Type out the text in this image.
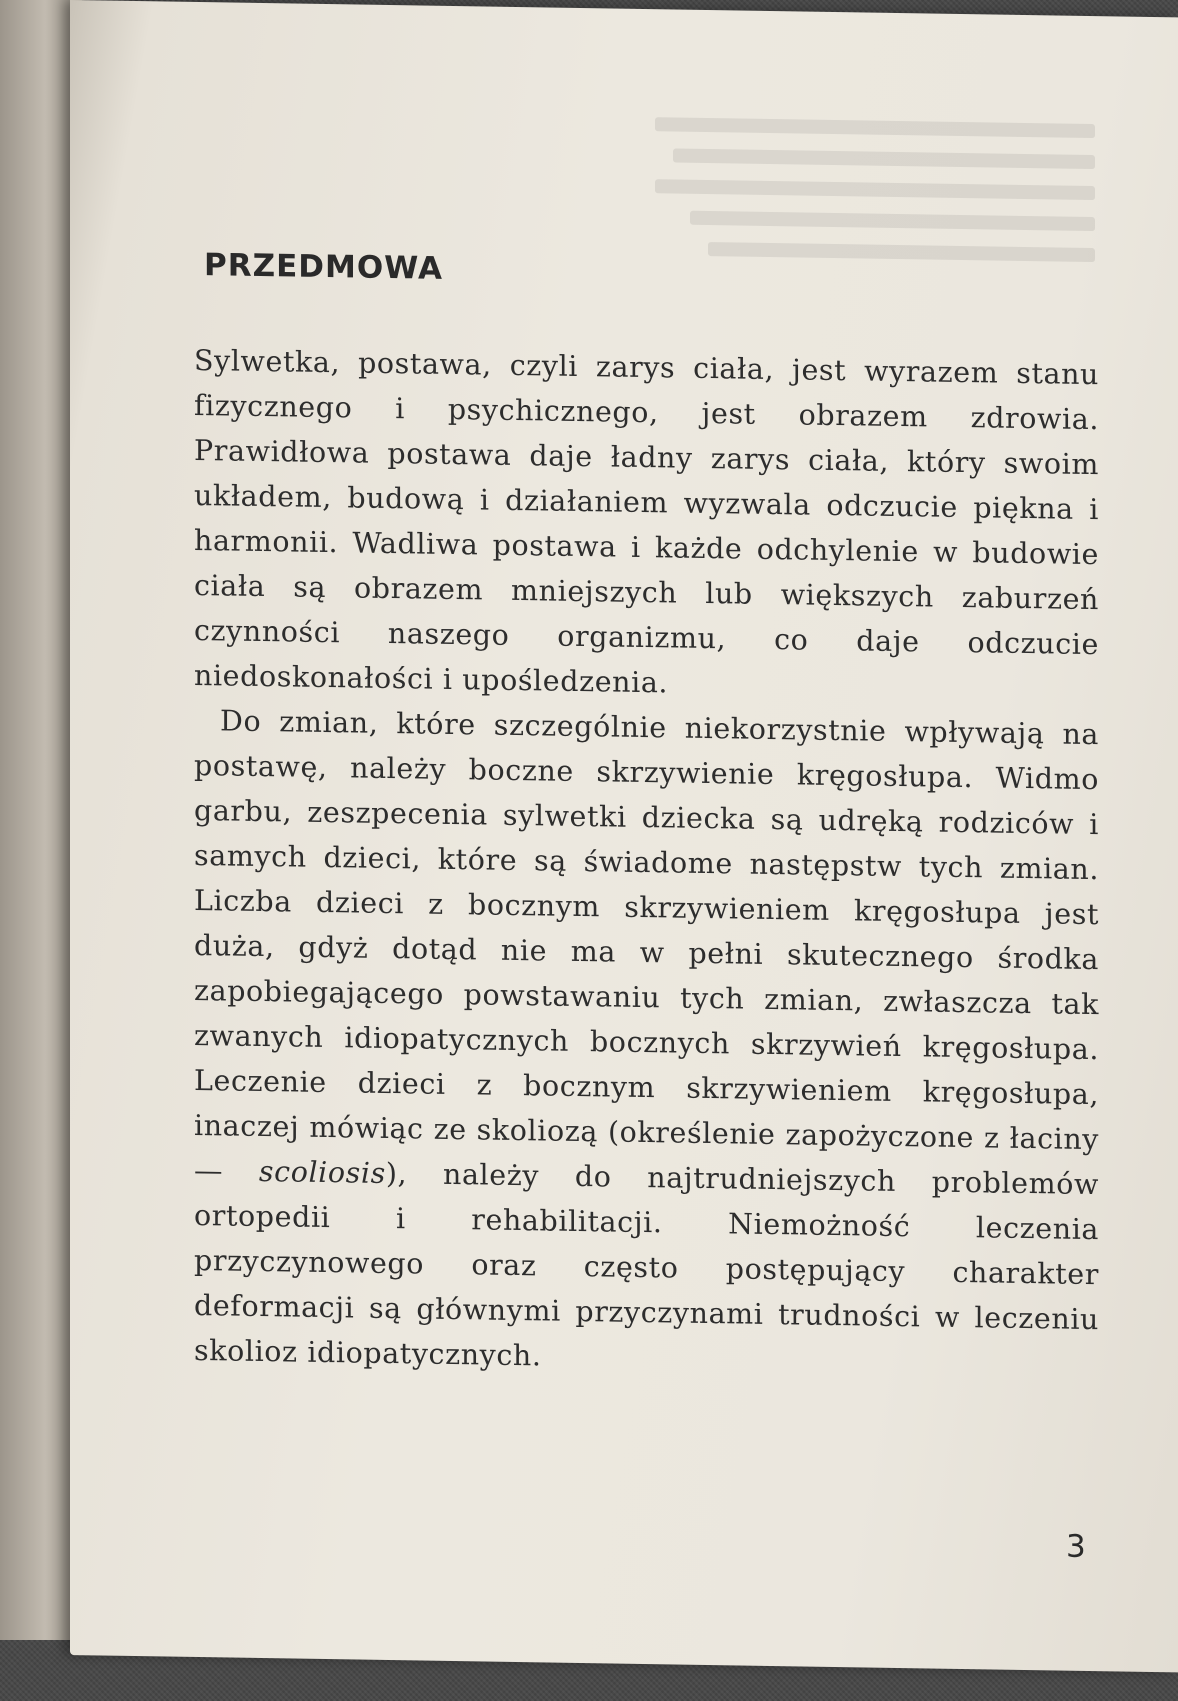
PRZEDMOWA

Sylwetka, postawa, czyli zarys ciała, jest wyrazem stanu fizycznego i psychicznego, jest obrazem zdrowia. Prawidłowa postawa daje ładny zarys ciała, który swoim układem, budową i działaniem wyzwala odczucie piękna i harmonii. Wadliwa postawa i każde odchylenie w budowie ciała są obrazem mniejszych lub większych zaburzeń czynności naszego organizmu, co daje odczucie niedoskonałości i upośledzenia.

Do zmian, które szczególnie niekorzystnie wpływają na postawę, należy boczne skrzywienie kręgosłupa. Widmo garbu, zeszpecenia sylwetki dziecka są udręką rodziców i samych dzieci, które są świadome następstw tych zmian. Liczba dzieci z bocznym skrzywieniem kręgosłupa jest duża, gdyż dotąd nie ma w pełni skutecznego środka zapobiegającego powstawaniu tych zmian, zwłaszcza tak zwanych idiopatycznych bocznych skrzywień kręgosłupa. Leczenie dzieci z bocznym skrzywieniem kręgosłupa, inaczej mówiąc ze skoliozą (określenie zapożyczone z łaciny — scoliosis), należy do najtrudniejszych problemów ortopedii i rehabilitacji. Niemożność leczenia przyczynowego oraz często postępujący charakter deformacji są głównymi przyczynami trudności w leczeniu skolioz idiopatycznych.

3
